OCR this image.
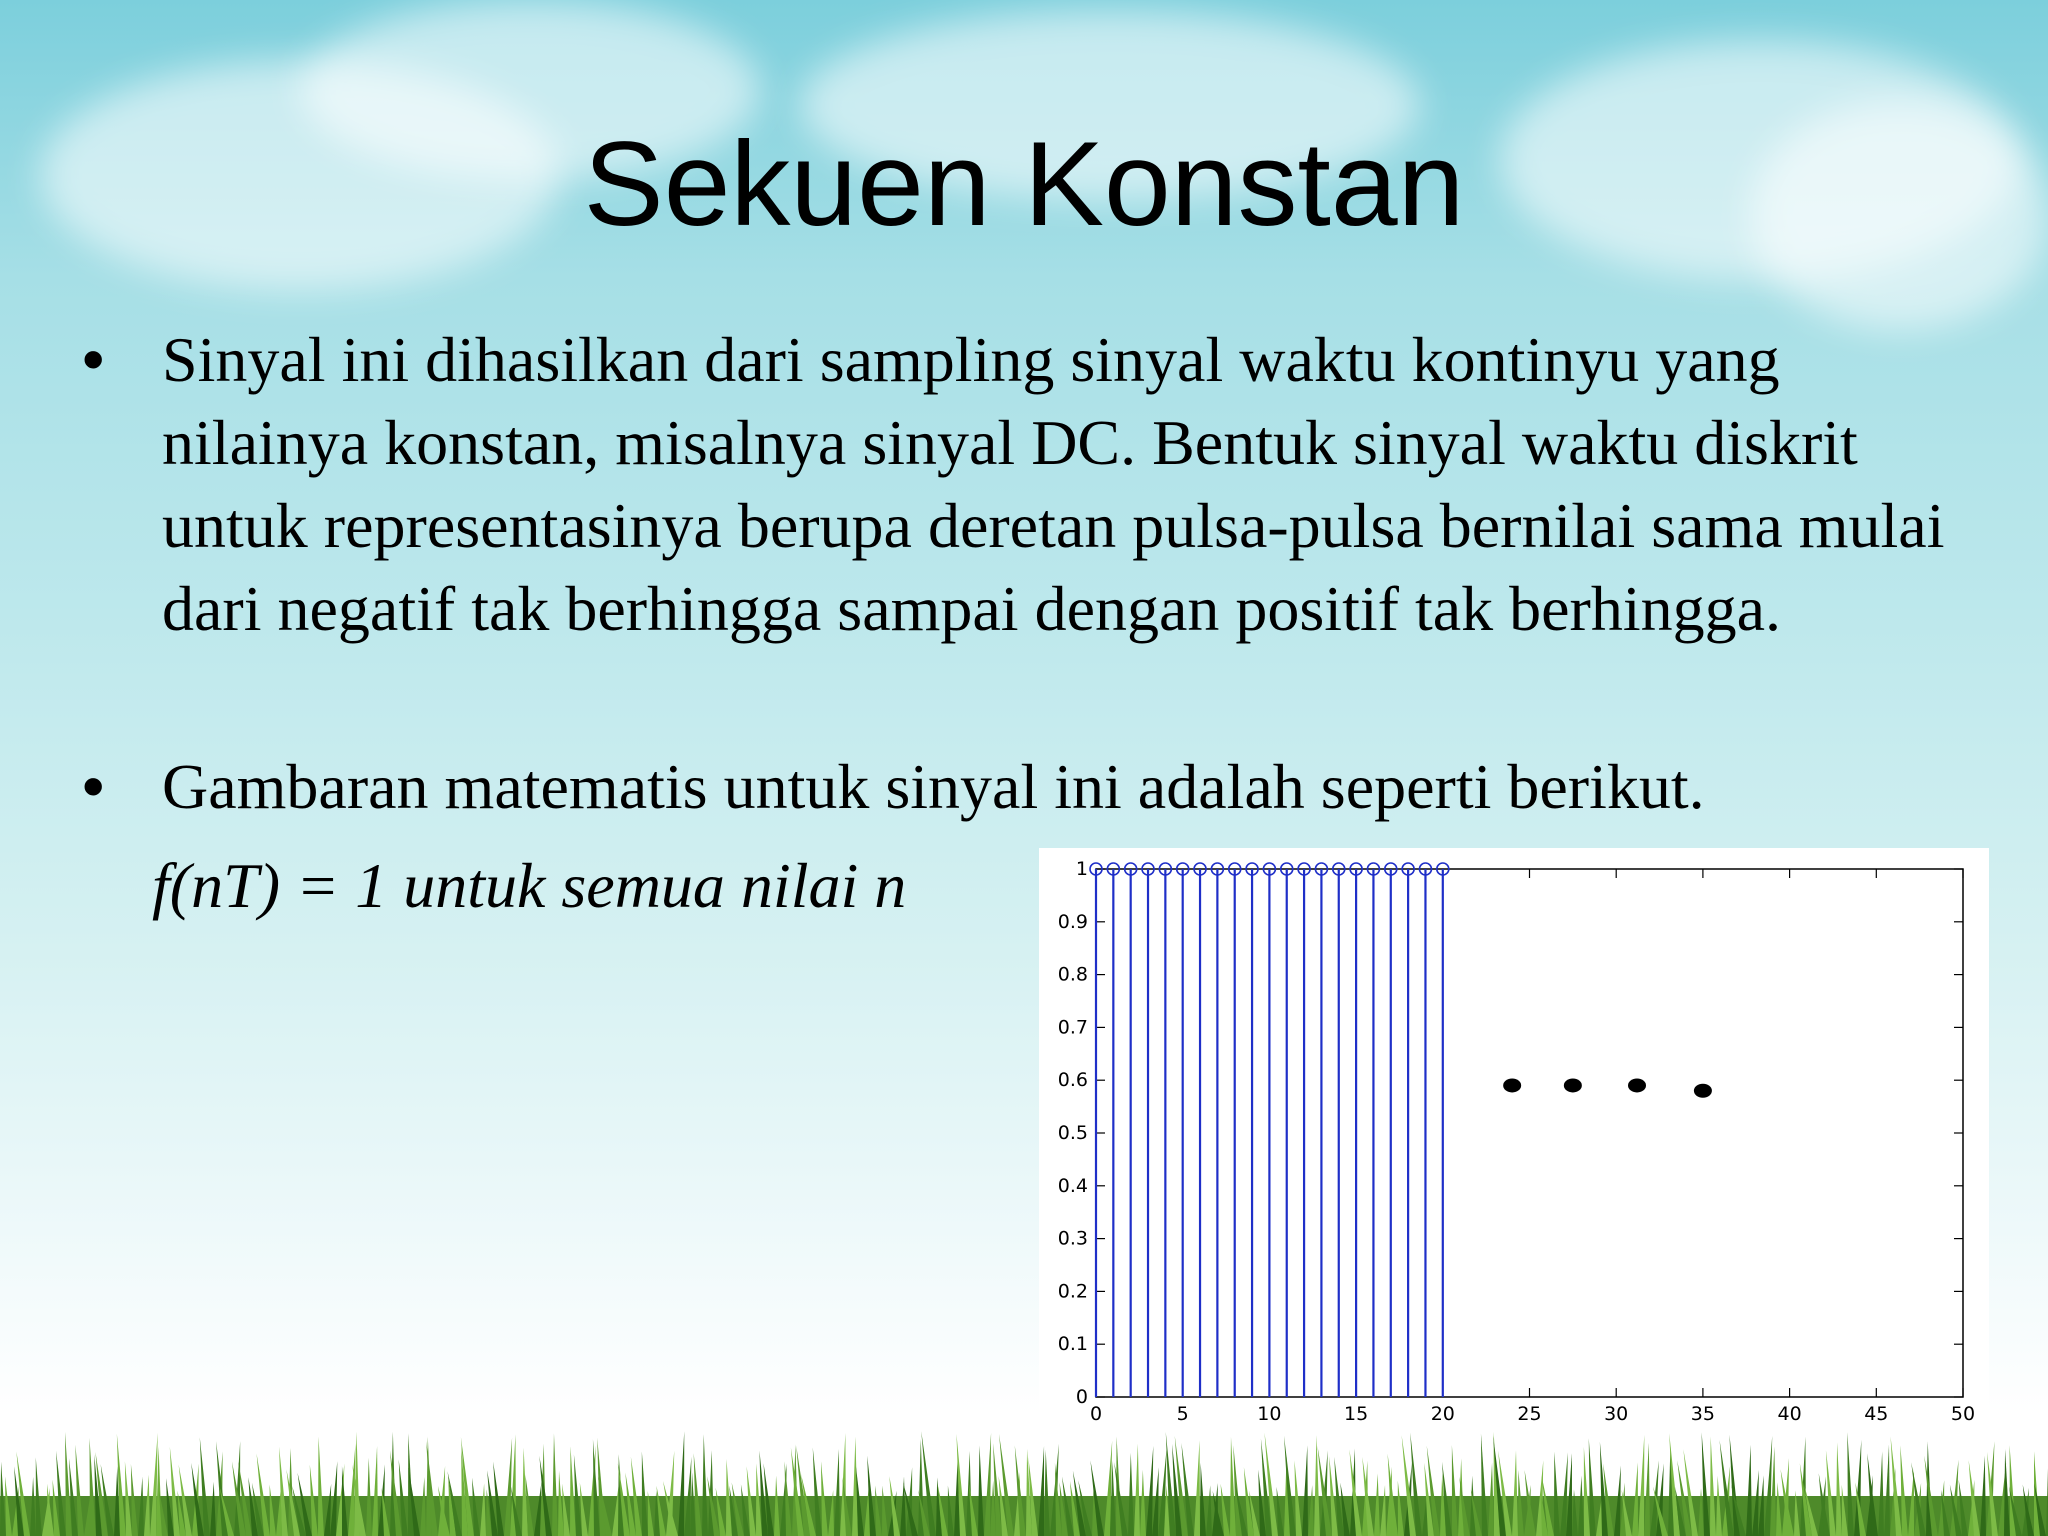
Sekuen Konstan
• Sinyal ini dihasilkan dari sampling sinyal waktu kontinyu yang nilainya konstan, misalnya sinyal DC. Bentuk sinyal waktu diskrit untuk representasinya berupa deretan pulsa-pulsa bernilai sama mulai dari negatif tak berhingga sampai dengan positif tak berhingga.
• Gambaran matematis untuk sinyal ini adalah seperti berikut.
f(nT) = 1 untuk semua nilai n
0
0.1
0.2
0.3
0.4
0.5
0.6
0.7
0.8
0.9
1
0	5	10	15	20	25	30	35	40	45	50
